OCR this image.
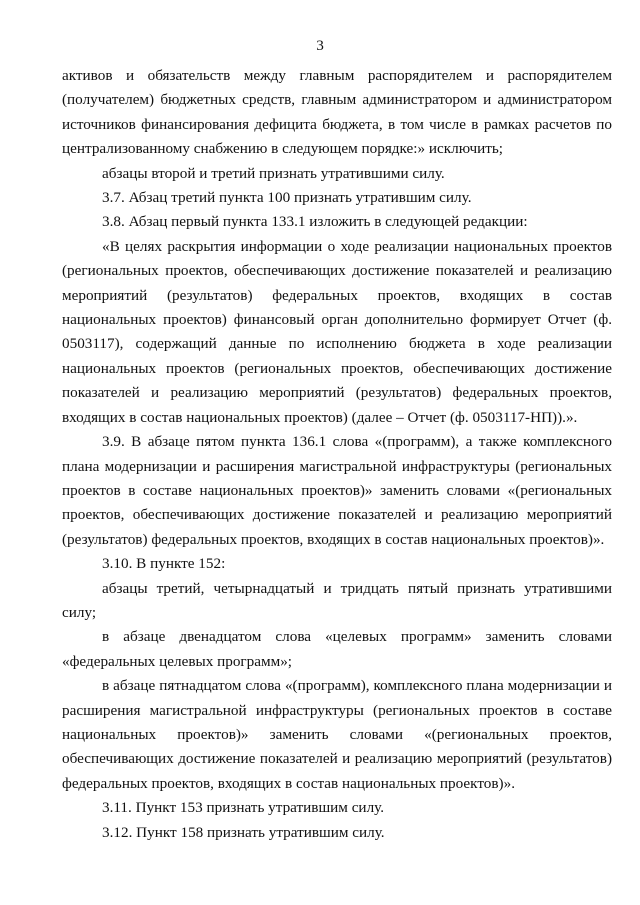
3

активов и обязательств между главным распорядителем и распорядителем (получателем) бюджетных средств, главным администратором и администратором источников финансирования дефицита бюджета, в том числе в рамках расчетов по централизованному снабжению в следующем порядке:» исключить;

абзацы второй и третий признать утратившими силу.

3.7. Абзац третий пункта 100 признать утратившим силу.

3.8. Абзац первый пункта 133.1 изложить в следующей редакции:

«В целях раскрытия информации о ходе реализации национальных проектов (региональных проектов, обеспечивающих достижение показателей и реализацию мероприятий (результатов) федеральных проектов, входящих в состав национальных проектов) финансовый орган дополнительно формирует Отчет (ф. 0503117), содержащий данные по исполнению бюджета в ходе реализации национальных проектов (региональных проектов, обеспечивающих достижение показателей и реализацию мероприятий (результатов) федеральных проектов, входящих в состав национальных проектов) (далее – Отчет (ф. 0503117-НП)).».

3.9. В абзаце пятом пункта 136.1 слова «(программ), а также комплексного плана модернизации и расширения магистральной инфраструктуры (региональных проектов в составе национальных проектов)» заменить словами «(региональных проектов, обеспечивающих достижение показателей и реализацию мероприятий (результатов) федеральных проектов, входящих в состав национальных проектов)».

3.10. В пункте 152:

абзацы третий, четырнадцатый и тридцать пятый признать утратившими силу;

в абзаце двенадцатом слова «целевых программ» заменить словами «федеральных целевых программ»;

в абзаце пятнадцатом слова «(программ), комплексного плана модернизации и расширения магистральной инфраструктуры (региональных проектов в составе национальных проектов)» заменить словами «(региональных проектов, обеспечивающих достижение показателей и реализацию мероприятий (результатов) федеральных проектов, входящих в состав национальных проектов)».

3.11. Пункт 153 признать утратившим силу.

3.12. Пункт 158 признать утратившим силу.
